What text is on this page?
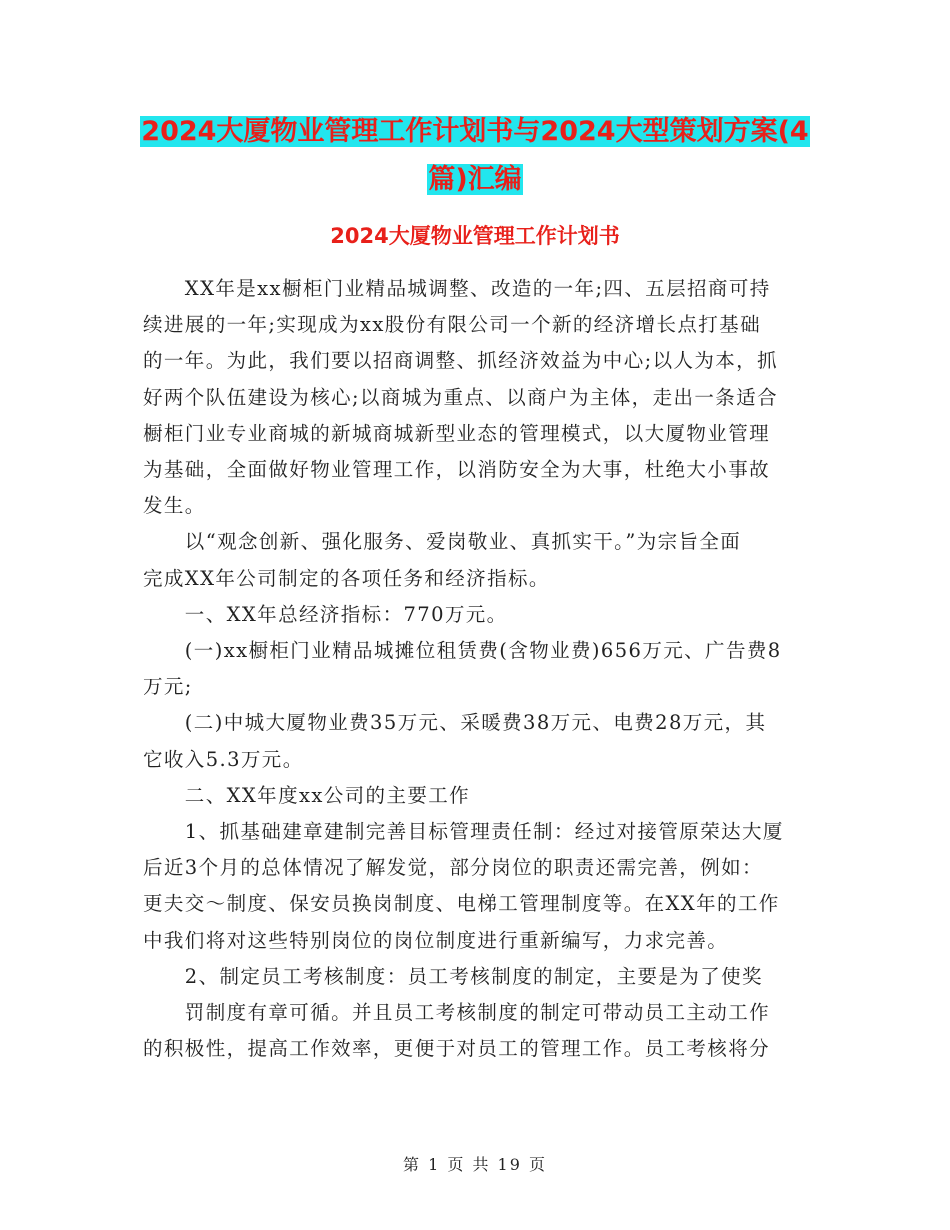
2024大厦物业管理工作计划书与2024大型策划方案(4
篇)汇编
2024大厦物业管理工作计划书

　　XX年是xx橱柜门业精品城调整、改造的一年;四、五层招商可持

续进展的一年;实现成为xx股份有限公司一个新的经济增长点打基础

的一年。为此，我们要以招商调整、抓经济效益为中心;以人为本，抓

好两个队伍建设为核心;以商城为重点、以商户为主体，走出一条适合

橱柜门业专业商城的新城商城新型业态的管理模式，以大厦物业管理

为基础，全面做好物业管理工作，以消防安全为大事，杜绝大小事故

发生。

　　以“观念创新、强化服务、爱岗敬业、真抓实干。”为宗旨全面

完成XX年公司制定的各项任务和经济指标。

　　一、XX年总经济指标：770万元。

　　(一)xx橱柜门业精品城摊位租赁费(含物业费)656万元、广告费8

万元;

　　(二)中城大厦物业费35万元、采暖费38万元、电费28万元，其

它收入5.3万元。

　　二、XX年度xx公司的主要工作

　　1、抓基础建章建制完善目标管理责任制：经过对接管原荣达大厦

后近3个月的总体情况了解发觉，部分岗位的职责还需完善，例如：

更夫交～制度、保安员换岗制度、电梯工管理制度等。在XX年的工作

中我们将对这些特别岗位的岗位制度进行重新编写，力求完善。

　　2、制定员工考核制度：员工考核制度的制定，主要是为了使奖

　　罚制度有章可循。并且员工考核制度的制定可带动员工主动工作

的积极性，提高工作效率，更便于对员工的管理工作。员工考核将分

第 1 页 共 19 页
